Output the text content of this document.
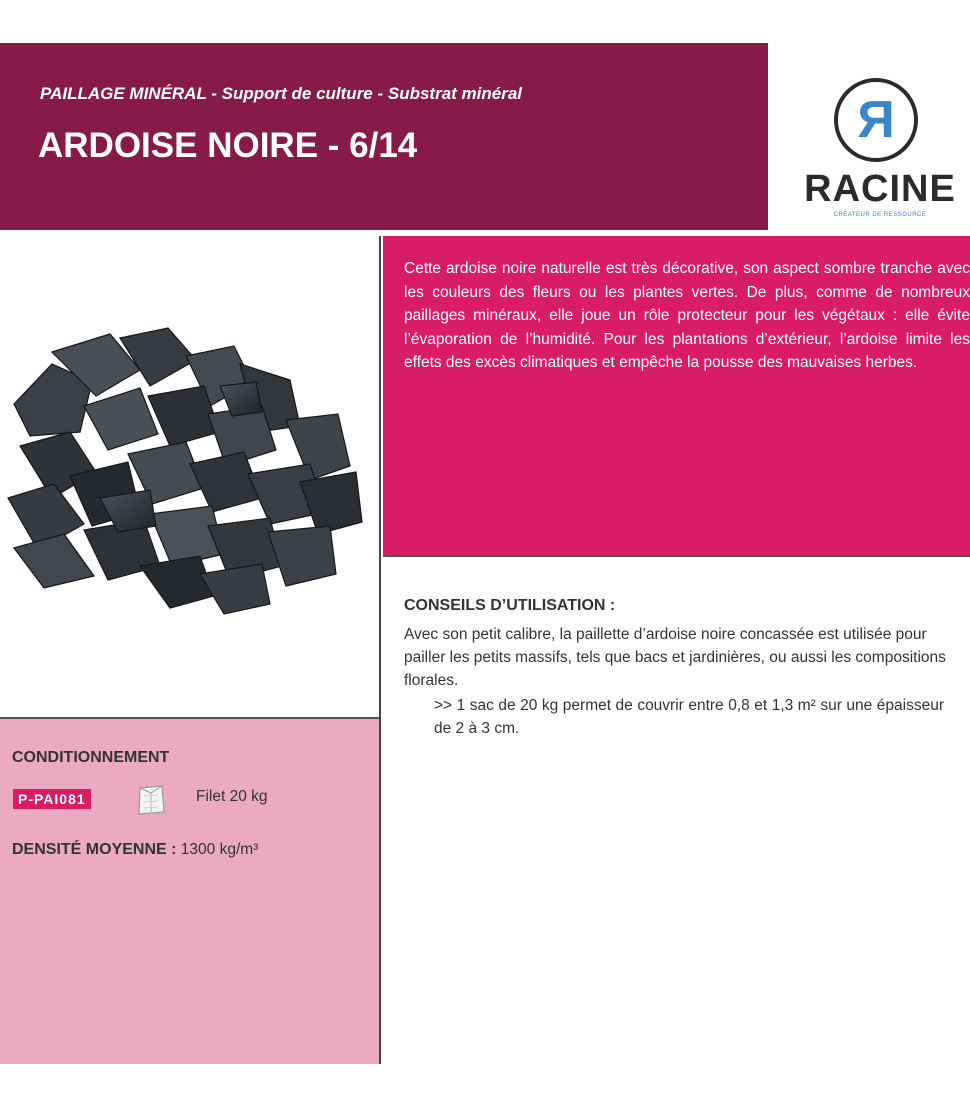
PAILLAGE MINÉRAL - Support de culture - Substrat minéral
ARDOISE NOIRE - 6/14	R
RACINE
CRÉATEUR DE RESSOURCE
Cette ardoise noire naturelle est très décorative, son aspect sombre tranche avec les couleurs des fleurs ou les plantes vertes. De plus, comme de nombreux paillages minéraux, elle joue un rôle protecteur pour les végétaux : elle évite l’évaporation de l’humidité. Pour les plantations d’extérieur, l’ardoise limite les effets des excès climatiques et empêche la pousse des mauvaises herbes.
CONSEILS D’UTILISATION :
Avec son petit calibre, la paillette d’ardoise noire concassée est utilisée pour pailler les petits massifs, tels que bacs et jardinières, ou aussi les compositions florales.
>> 1 sac de 20 kg permet de couvrir entre 0,8 et 1,3 m² sur une épaisseur de 2 à 3 cm.
CONDITIONNEMENT
P-PAI081	Filet 20 kg
DENSITÉ MOYENNE : 1300 kg/m³
